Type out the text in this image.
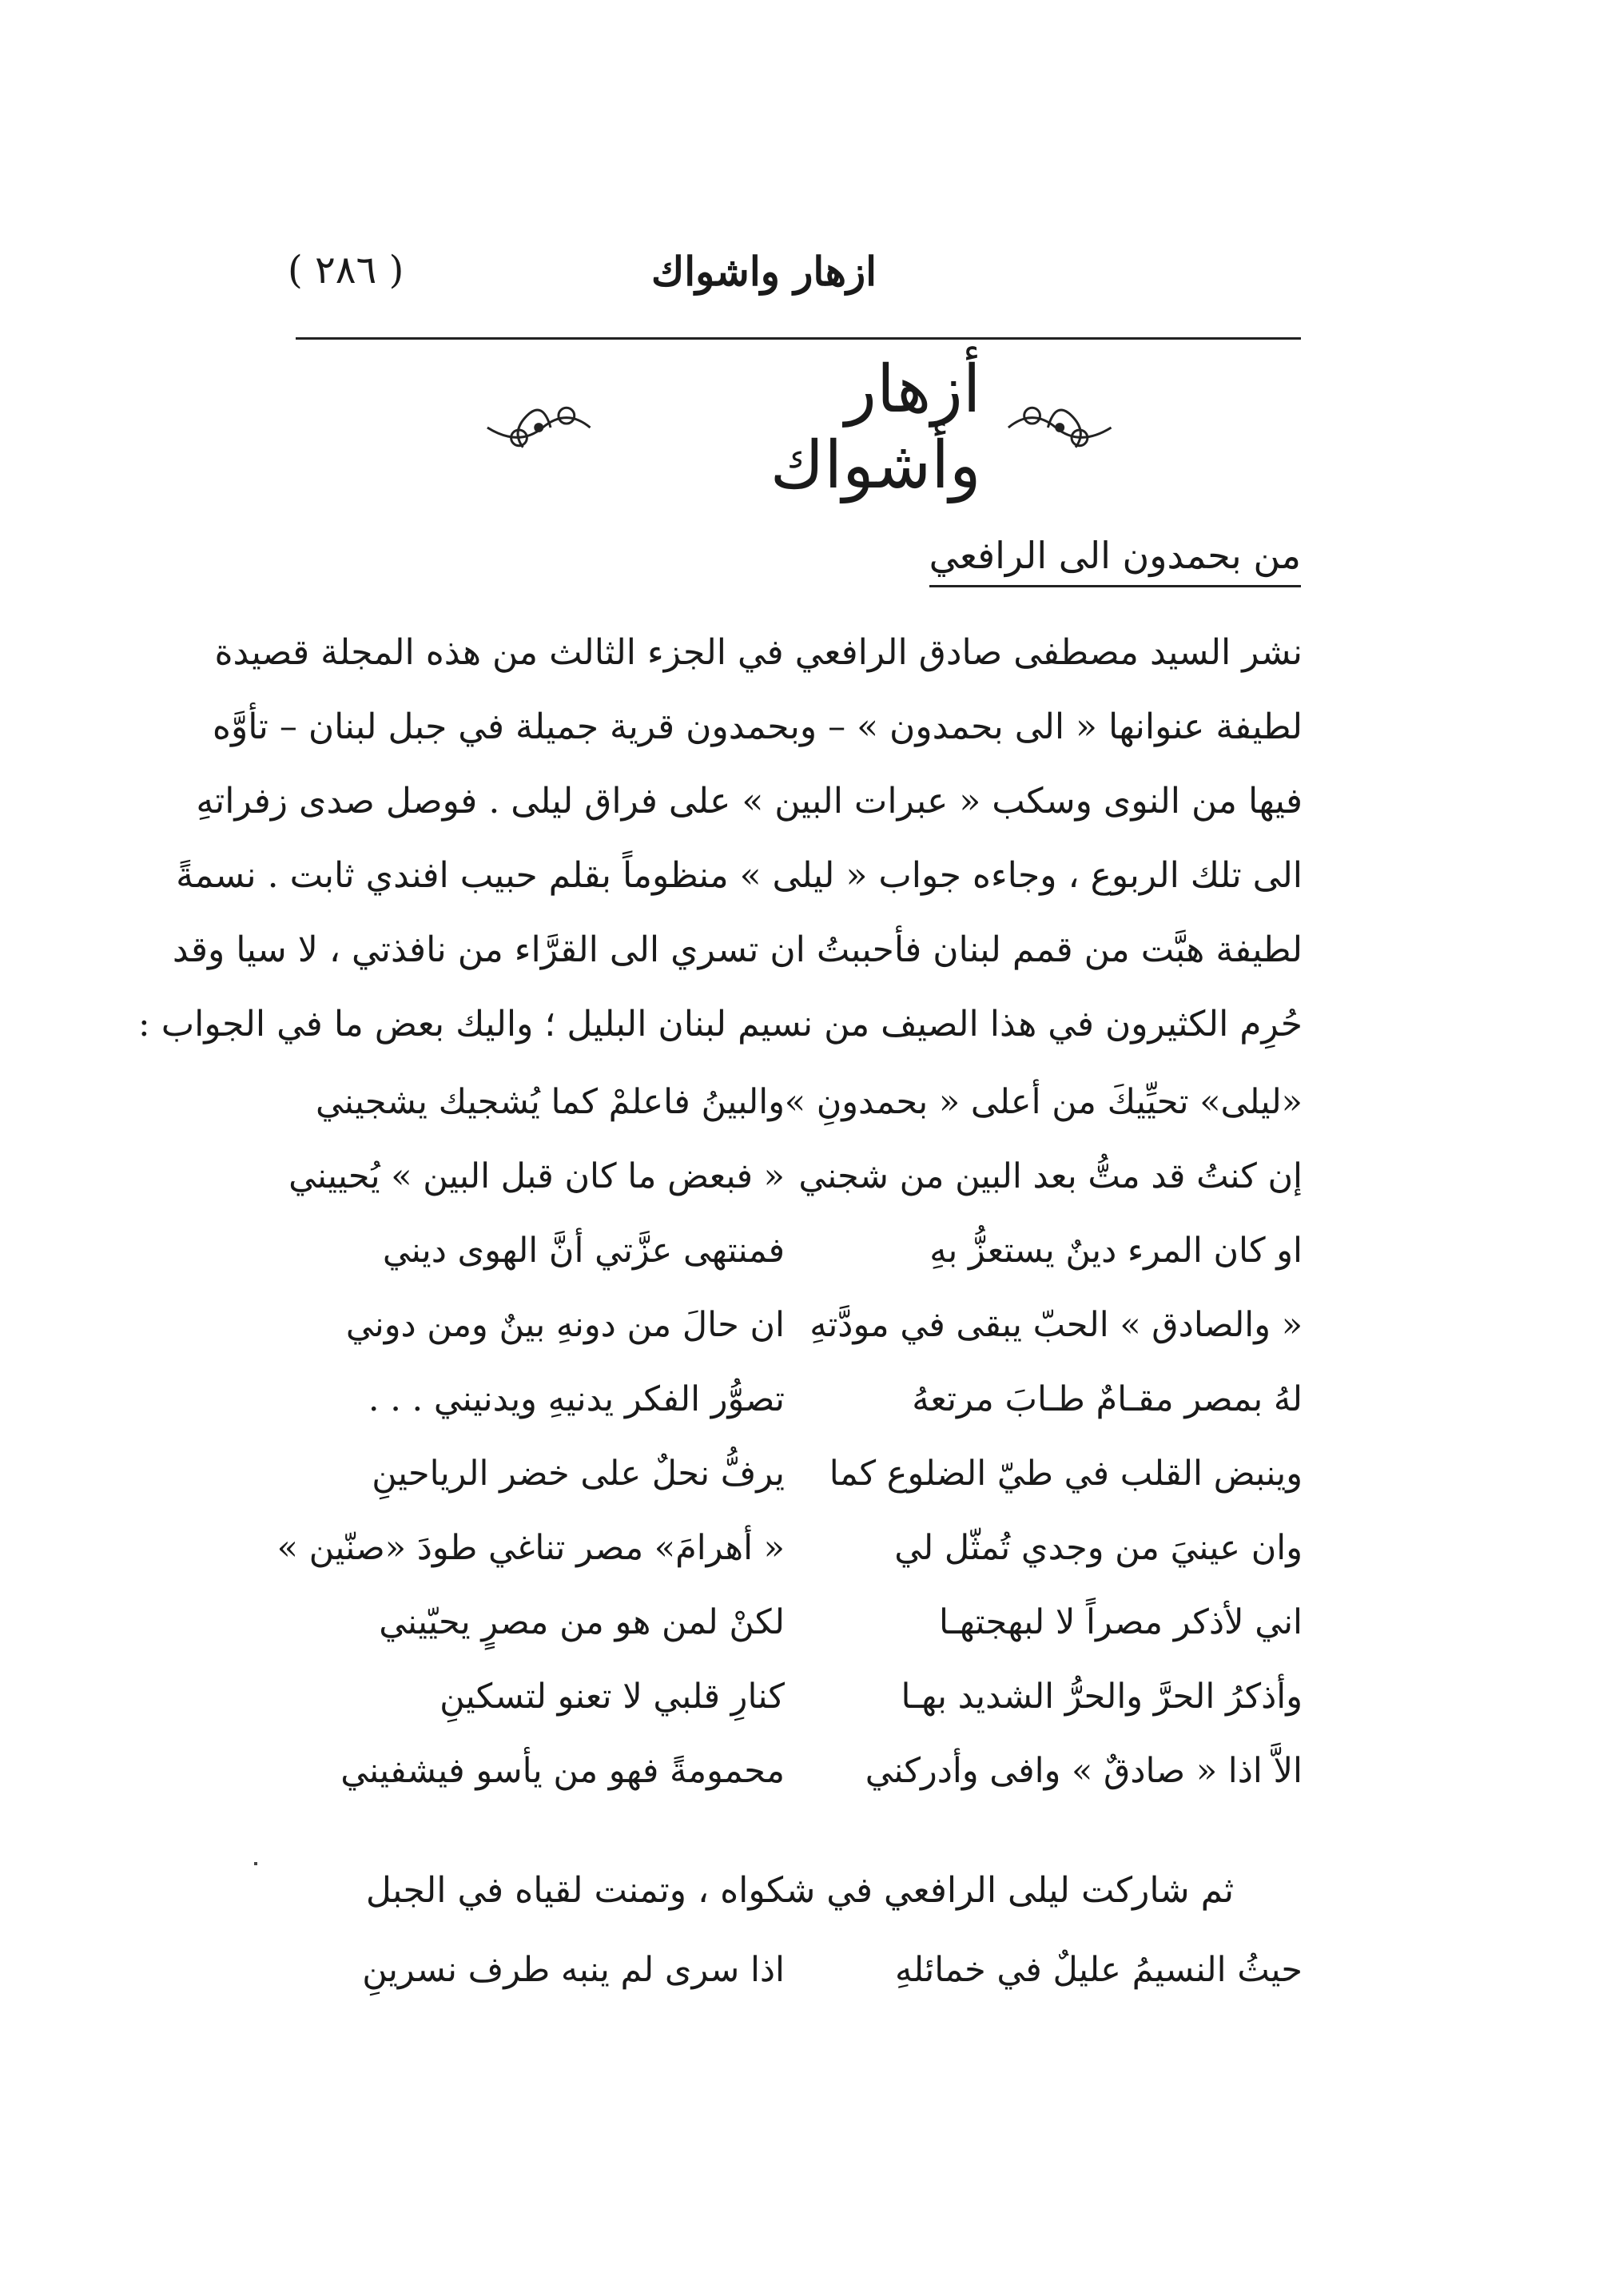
( ٢٨٦ )	ازهار واشواك
أزهار وأشواك
من بحمدون الى الرافعي
نشر السيد مصطفى صادق الرافعي في الجزء الثالث من هذه المجلة قصيدة
لطيفة عنوانها « الى بحمدون » – وبحمدون قرية جميلة في جبل لبنان – تأوَّه
فيها من النوى وسكب « عبرات البين » على فراق ليلى . فوصل صدى زفراتهِ
الى تلك الربوع ، وجاءه جواب « ليلى » منظوماً بقلم حبيب افندي ثابت . نسمةً
لطيفة هبَّت من قمم لبنان فأحببتُ ان تسري الى القرَّاء من نافذتي ، لا سيا وقد
حُرِم الكثيرون في هذا الصيف من نسيم لبنان البليل ؛ واليك بعض ما في الجواب :
«ليلى» تحيِّيكَ من أعلى « بحمدونِ »
والبينُ فاعلمْ كما يُشجيك يشجيني
إن كنتُ قد متُّ بعد البين من شجني
« فبعض ما كان قبل البين » يُحييني
او كان المرء دينٌ يستعزُّ بهِ
فمنتهى عزَّتي أنَّ الهوى ديني
« والصادق » الحبّ يبقى في مودَّتهِ
ان حالَ من دونهِ بينٌ ومن دوني
لهُ بمصر مقـامٌ طـابَ مرتعهُ
تصوُّر الفكر يدنيهِ ويدنيني . . .
وينبض القلب في طيّ الضلوع كما
يرفُّ نحلٌ على خضر الرياحينِ
وان عينيَ من وجدي تُمثّل لي
« أهرامَ» مصر تناغي طودَ «صنّين »
اني لأذكر مصراً لا لبهجتهـا
لكنْ لمن هو من مصرٍ يحيّيني
وأذكرُ الحرَّ والحرُّ الشديد بهـا
كنارِ قلبي لا تعنو لتسكينِ
الاَّ اذا « صادقٌ » وافى وأدركني
محمومةً فهو من يأسو فيشفيني
ثم شاركت ليلى الرافعي في شكواه ، وتمنت لقياه في الجبل
حيثُ النسيمُ عليلٌ في خمائلهِ
اذا سرى لم ينبه طرف نسرينِ
